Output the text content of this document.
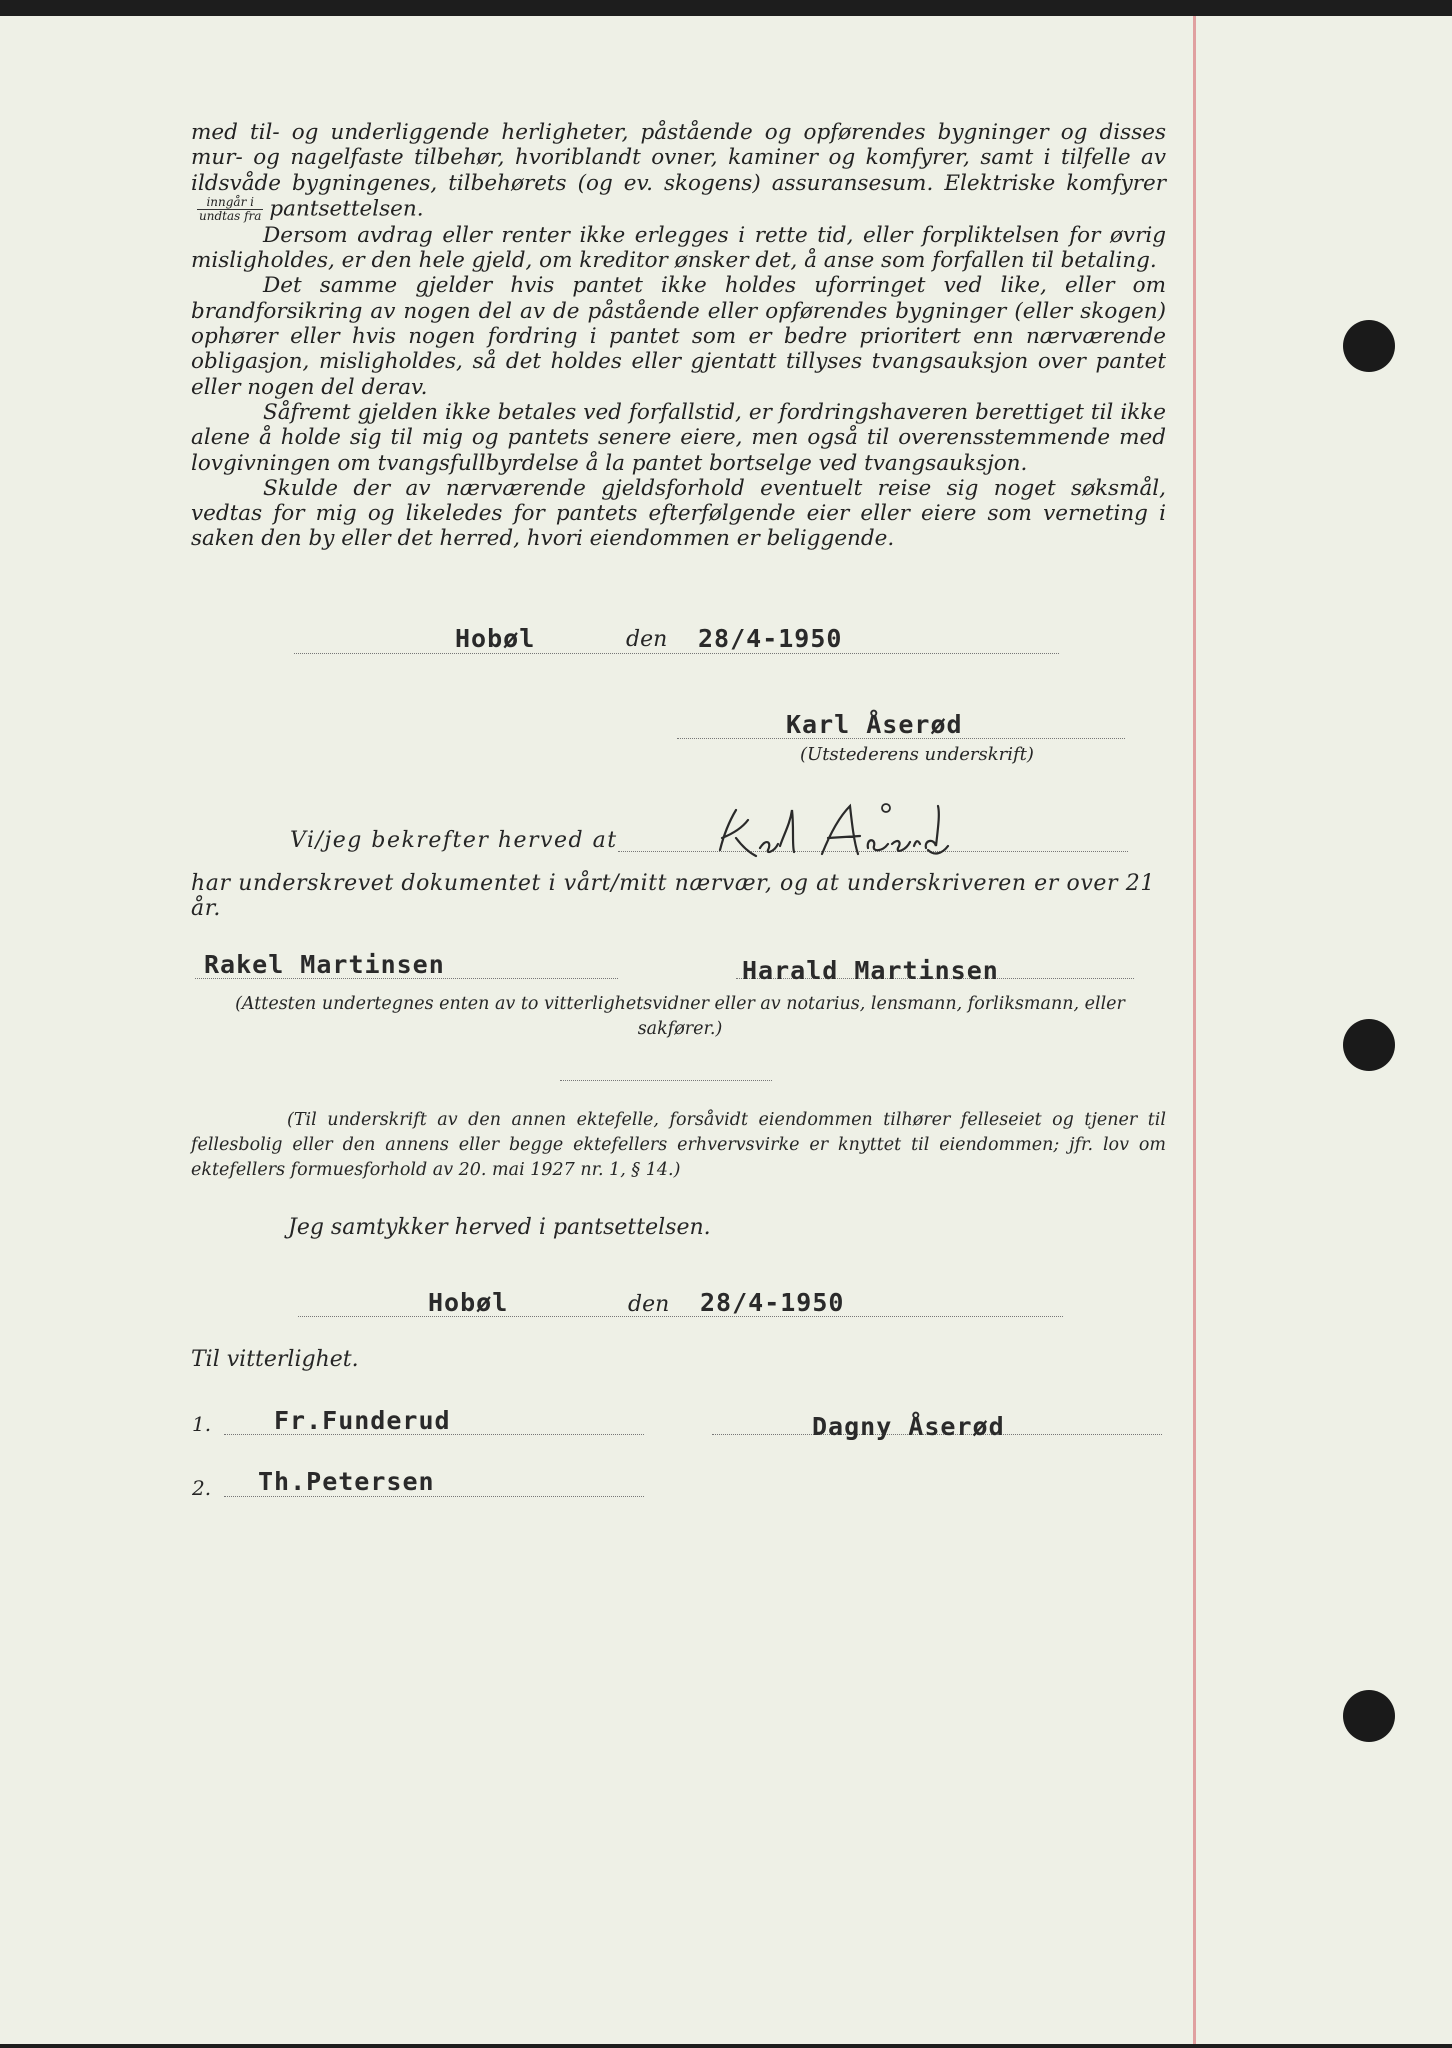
med til- og underliggende herligheter, påstående og opførendes bygninger og disses mur- og nagelfaste tilbehør, hvoriblandt ovner, kaminer og komfyrer, samt i tilfelle av ildsvåde bygningenes, tilbehørets (og ev. skogens) assuransesum. Elektriske komfyrer
$\frac{\text{inngår i}}{\text{undtas fra}}$ pantsettelsen.

Dersom avdrag eller renter ikke erlegges i rette tid, eller forpliktelsen for øvrig misligholdes, er den hele gjeld, om kreditor ønsker det, å anse som forfallen til betaling.

Det samme gjelder hvis pantet ikke holdes uforringet ved like, eller om brandforsikring av nogen del av de påstående eller opførendes bygninger (eller skogen) ophører eller hvis nogen fordring i pantet som er bedre prioritert enn nærværende obligasjon, misligholdes, så det holdes eller gjentatt tillyses tvangsauksjon over pantet eller nogen del derav.

Såfremt gjelden ikke betales ved forfallstid, er fordringshaveren berettiget til ikke alene å holde sig til mig og pantets senere eiere, men også til overensstemmende med lovgivningen om tvangsfullbyrdelse å la pantet bortselge ved tvangsauksjon.

Skulde der av nærværende gjeldsforhold eventuelt reise sig noget søksmål, vedtas for mig og likeledes for pantets efterfølgende eier eller eiere som verneting i saken den by eller det herred, hvori eiendommen er beliggende.

Hobøl	den 28/4-1950
Karl Åserød
(Utstederens underskrift)
Vi/jeg bekrefter herved at
har underskrevet dokumentet i vårt/mitt nærvær, og at underskriveren er over 21 år.
Rakel Martinsen	Harald Martinsen
(Attesten undertegnes enten av to vitterlighetsvidner eller av notarius, lensmann, forliksmann, eller sakfører.)
(Til underskrift av den annen ektefelle, forsåvidt eiendommen tilhører felleseiet og tjener til fellesbolig eller den annens eller begge ektefellers erhvervsvirke er knyttet til eiendommen; jfr. lov om ektefellers formuesforhold av 20. mai 1927 nr. 1, § 14.)
Jeg samtykker herved i pantsettelsen.
Hobøl	den 28/4-1950
Til vitterlighet.
1.	Fr.Funderud	Dagny Åserød
2. Th.Petersen
